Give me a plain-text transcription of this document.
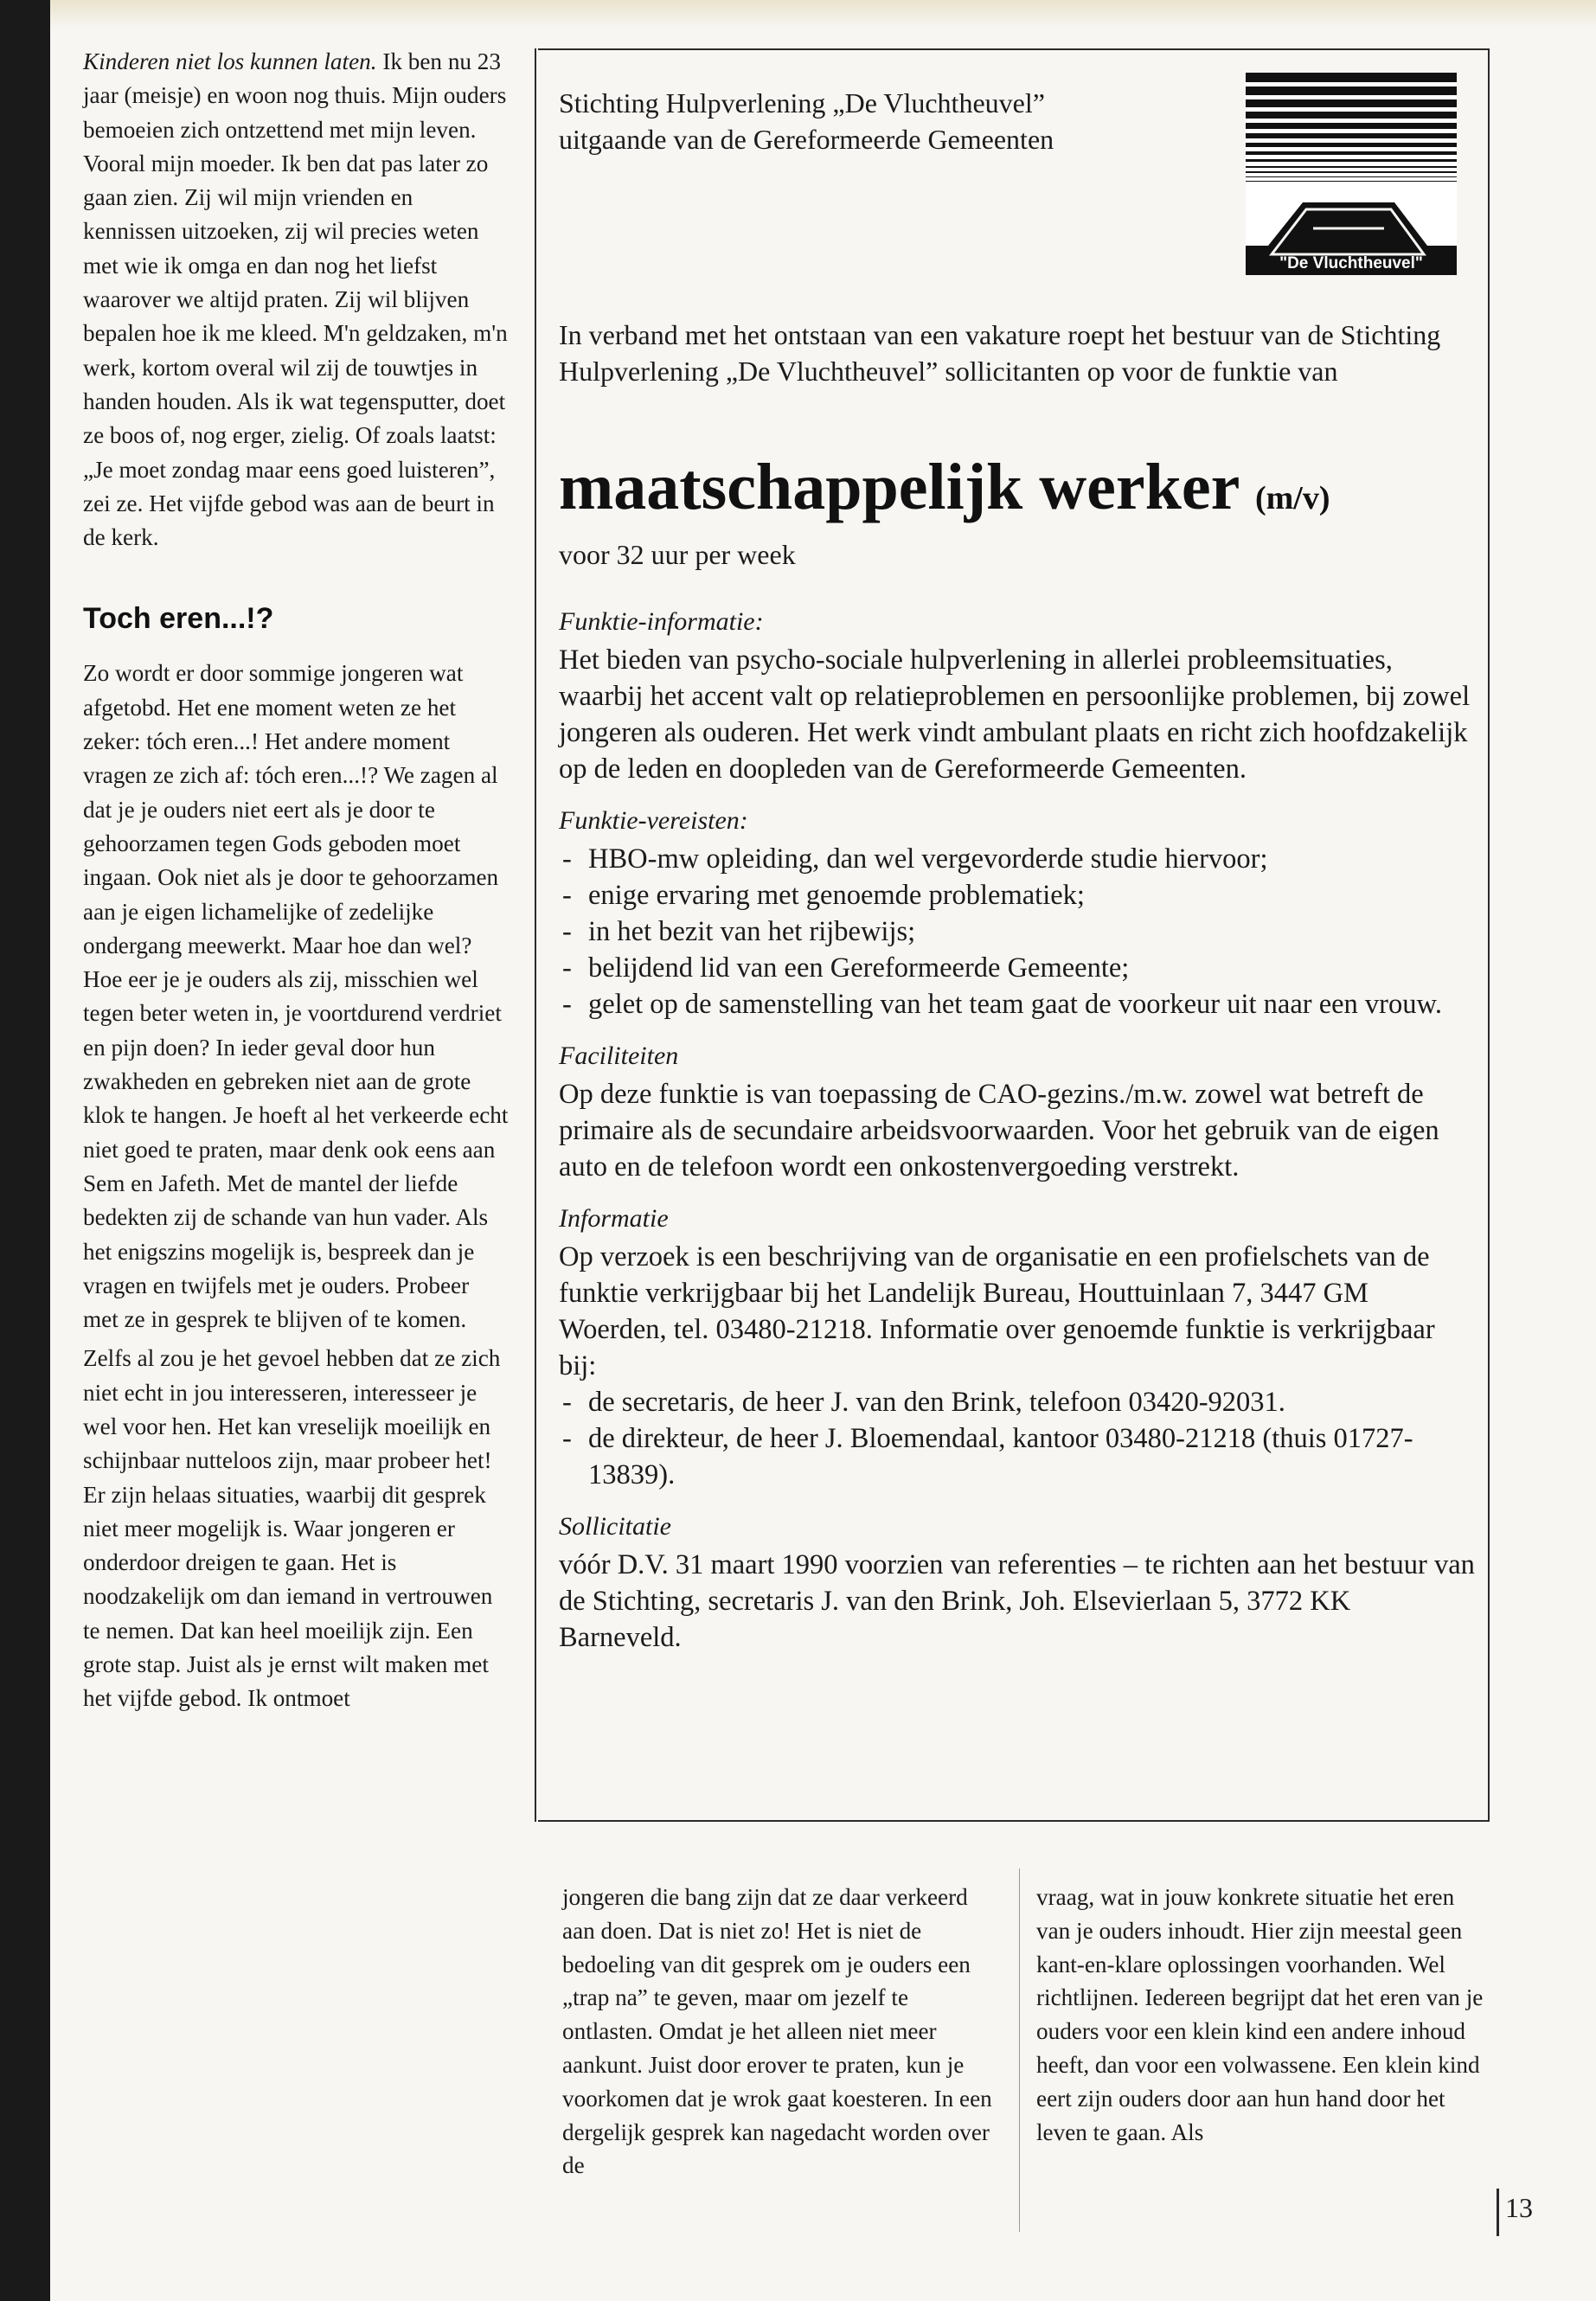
Kinderen niet los kunnen laten. Ik ben nu 23 jaar (meisje) en woon nog thuis. Mijn ouders bemoeien zich ontzettend met mijn leven. Vooral mijn moeder. Ik ben dat pas later zo gaan zien. Zij wil mijn vrienden en kennissen uitzoeken, zij wil precies weten met wie ik omga en dan nog het liefst waarover we altijd praten. Zij wil blijven bepalen hoe ik me kleed. M'n geldzaken, m'n werk, kortom overal wil zij de touwtjes in handen houden. Als ik wat tegensputter, doet ze boos of, nog erger, zielig. Of zoals laatst: „Je moet zondag maar eens goed luisteren”, zei ze. Het vijfde gebod was aan de beurt in de kerk.

Toch eren...!?

Zo wordt er door sommige jongeren wat afgetobd. Het ene moment weten ze het zeker: tóch eren...! Het andere moment vragen ze zich af: tóch eren...!? We zagen al dat je je ouders niet eert als je door te gehoorzamen tegen Gods geboden moet ingaan. Ook niet als je door te gehoorzamen aan je eigen lichamelijke of zedelijke ondergang meewerkt. Maar hoe dan wel? Hoe eer je je ouders als zij, misschien wel tegen beter weten in, je voortdurend verdriet en pijn doen? In ieder geval door hun zwakheden en gebreken niet aan de grote klok te hangen. Je hoeft al het verkeerde echt niet goed te praten, maar denk ook eens aan Sem en Jafeth. Met de mantel der liefde bedekten zij de schande van hun vader. Als het enigszins mogelijk is, bespreek dan je vragen en twijfels met je ouders. Probeer met ze in gesprek te blijven of te komen.

Zelfs al zou je het gevoel hebben dat ze zich niet echt in jou interesseren, interesseer je wel voor hen. Het kan vreselijk moeilijk en schijnbaar nutteloos zijn, maar probeer het! Er zijn helaas situaties, waarbij dit gesprek niet meer mogelijk is. Waar jongeren er onderdoor dreigen te gaan. Het is noodzakelijk om dan iemand in vertrouwen te nemen. Dat kan heel moeilijk zijn. Een grote stap. Juist als je ernst wilt maken met het vijfde gebod. Ik ontmoet

Stichting Hulpverlening „De Vluchtheuvel”
uitgaande van de Gereformeerde Gemeenten
"De Vluchtheuvel"
In verband met het ontstaan van een vakature roept het bestuur van de Stichting Hulpverlening „De Vluchtheuvel” sollicitanten op voor de funktie van
maatschappelijk werker (m/v)
voor 32 uur per week
Funktie-informatie:

Het bieden van psycho-sociale hulpverlening in allerlei probleemsituaties, waarbij het accent valt op relatieproblemen en persoonlijke problemen, bij zowel jongeren als ouderen. Het werk vindt ambulant plaats en richt zich hoofdzakelijk op de leden en doopleden van de Gereformeerde Gemeenten.

Funktie-vereisten:
- HBO-mw opleiding, dan wel vergevorderde studie hiervoor;
- enige ervaring met genoemde problematiek;
- in het bezit van het rijbewijs;
- belijdend lid van een Gereformeerde Gemeente;
- gelet op de samenstelling van het team gaat de voorkeur uit naar een vrouw.
Faciliteiten

Op deze funktie is van toepassing de CAO-gezins./m.w. zowel wat betreft de primaire als de secundaire arbeidsvoorwaarden. Voor het gebruik van de eigen auto en de telefoon wordt een onkostenvergoeding verstrekt.

Informatie

Op verzoek is een beschrijving van de organisatie en een profielschets van de funktie verkrijgbaar bij het Landelijk Bureau, Houttuinlaan 7, 3447 GM Woerden, tel. 03480-21218. Informatie over genoemde funktie is verkrijgbaar bij:

- de secretaris, de heer J. van den Brink, telefoon 03420-92031.
- de direkteur, de heer J. Bloemendaal, kantoor 03480-21218 (thuis 01727-13839).
Sollicitatie

vóór D.V. 31 maart 1990 voorzien van referenties – te richten aan het bestuur van de Stichting, secretaris J. van den Brink, Joh. Elsevierlaan 5, 3772 KK Barneveld.

jongeren die bang zijn dat ze daar verkeerd aan doen. Dat is niet zo! Het is niet de bedoeling van dit gesprek om je ouders een „trap na” te geven, maar om jezelf te ontlasten. Omdat je het alleen niet meer aankunt. Juist door erover te praten, kun je voorkomen dat je wrok gaat koesteren. In een dergelijk gesprek kan nagedacht worden over de
vraag, wat in jouw konkrete situatie het eren van je ouders inhoudt. Hier zijn meestal geen kant-en-klare oplossingen voorhanden. Wel richtlijnen. Iedereen begrijpt dat het eren van je ouders voor een klein kind een andere inhoud heeft, dan voor een volwassene. Een klein kind eert zijn ouders door aan hun hand door het leven te gaan. Als
13
